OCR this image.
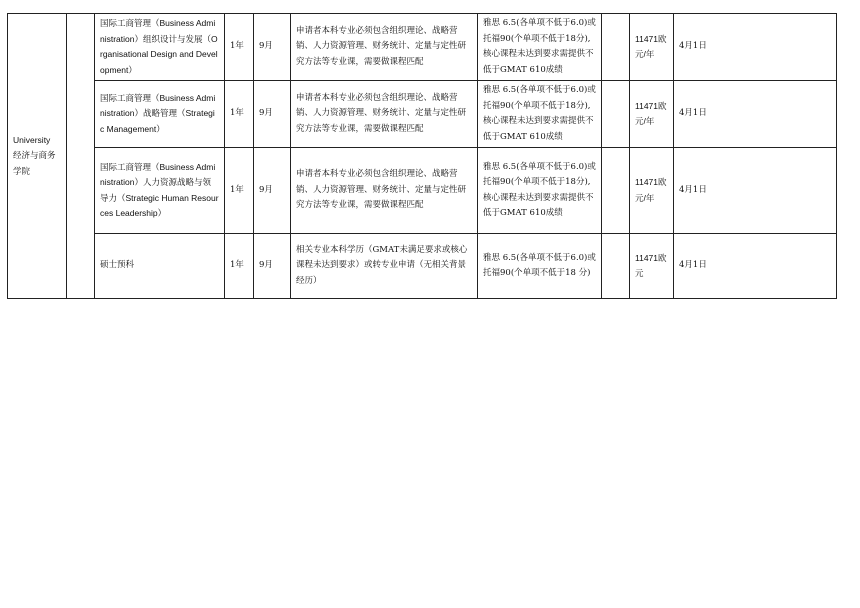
University 经济与商务学院		国际工商管理（Business Administration）组织设计与发展（Organisational Design and Development）	1年	9月	申请者本科专业必须包含组织理论、战略营销、人力资源管理、财务统计、定量与定性研究方法等专业课，需要做课程匹配	雅思 6.5(各单项不低于6.0)或托福90(个单项不低于18分),核心课程未达到要求需提供不低于GMAT 610成绩		11471欧元/年	4月1日
		国际工商管理（Business Administration）战略管理（Strategic Management）	1年	9月	申请者本科专业必须包含组织理论、战略营销、人力资源管理、财务统计、定量与定性研究方法等专业课，需要做课程匹配	雅思 6.5(各单项不低于6.0)或托福90(个单项不低于18分),核心课程未达到要求需提供不低于GMAT 610成绩		11471欧元/年	4月1日
		国际工商管理（Business Administration）人力资源战略与领导力（Strategic Human Resources Leadership）	1年	9月	申请者本科专业必须包含组织理论、战略营销、人力资源管理、财务统计、定量与定性研究方法等专业课，需要做课程匹配	雅思 6.5(各单项不低于6.0)或托福90(个单项不低于18分),核心课程未达到要求需提供不低于GMAT 610成绩		11471欧元/年	4月1日
		硕士预科	1年	9月	相关专业本科学历（GMAT未满足要求或核心课程未达到要求）或转专业申请（无相关背景经历）	雅思 6.5(各单项不低于6.0)或 托福90(个单项不低于18 分)		11471欧元	4月1日
